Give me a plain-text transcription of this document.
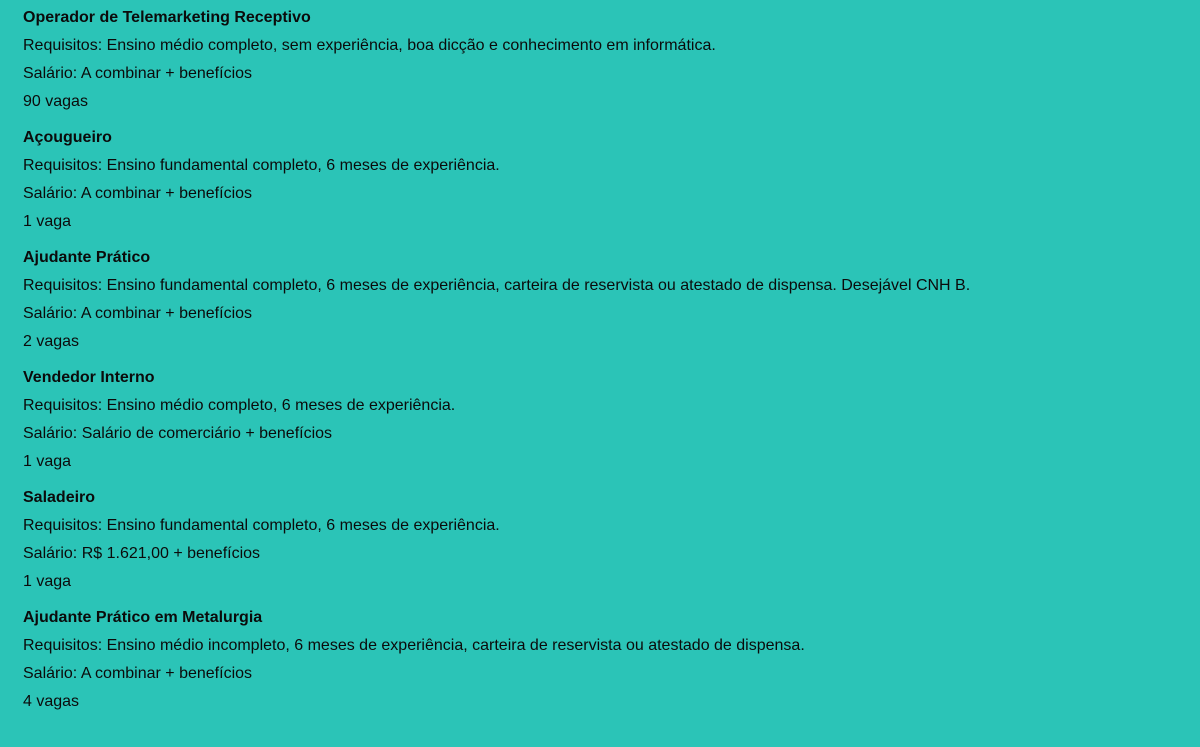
Operador de Telemarketing Receptivo
Requisitos: Ensino médio completo, sem experiência, boa dicção e conhecimento em informática.
Salário: A combinar + benefícios
90 vagas
Açougueiro
Requisitos: Ensino fundamental completo, 6 meses de experiência.
Salário: A combinar + benefícios
1 vaga
Ajudante Prático
Requisitos: Ensino fundamental completo, 6 meses de experiência, carteira de reservista ou atestado de dispensa. Desejável CNH B.
Salário: A combinar + benefícios
2 vagas
Vendedor Interno
Requisitos: Ensino médio completo, 6 meses de experiência.
Salário: Salário de comerciário + benefícios
1 vaga
Saladeiro
Requisitos: Ensino fundamental completo, 6 meses de experiência.
Salário: R$ 1.621,00 + benefícios
1 vaga
Ajudante Prático em Metalurgia
Requisitos: Ensino médio incompleto, 6 meses de experiência, carteira de reservista ou atestado de dispensa.
Salário: A combinar + benefícios
4 vagas
